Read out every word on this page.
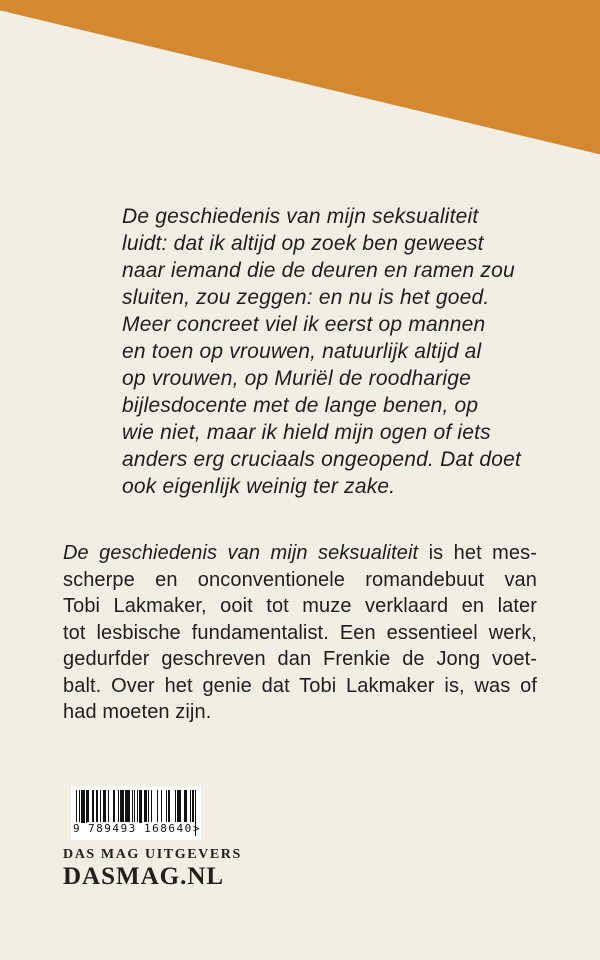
De geschiedenis van mijn seksualiteit
luidt: dat ik altijd op zoek ben geweest
naar iemand die de deuren en ramen zou
sluiten, zou zeggen: en nu is het goed.
Meer concreet viel ik eerst op mannen
en toen op vrouwen, natuurlijk altijd al
op vrouwen, op Muriël de roodharige
bijlesdocente met de lange benen, op
wie niet, maar ik hield mijn ogen of iets
anders erg cruciaals ongeopend. Dat doet
ook eigenlijk weinig ter zake.
De geschiedenis van mijn seksualiteit is het mes-
scherpe en onconventionele romandebuut van
Tobi Lakmaker, ooit tot muze verklaard en later
tot lesbische fundamentalist. Een essentieel werk,
gedurfder geschreven dan Frenkie de Jong voet-
balt. Over het genie dat Tobi Lakmaker is, was of
had moeten zijn.
9 789493 168640 >
DAS MAG UITGEVERS
DASMAG.NL
